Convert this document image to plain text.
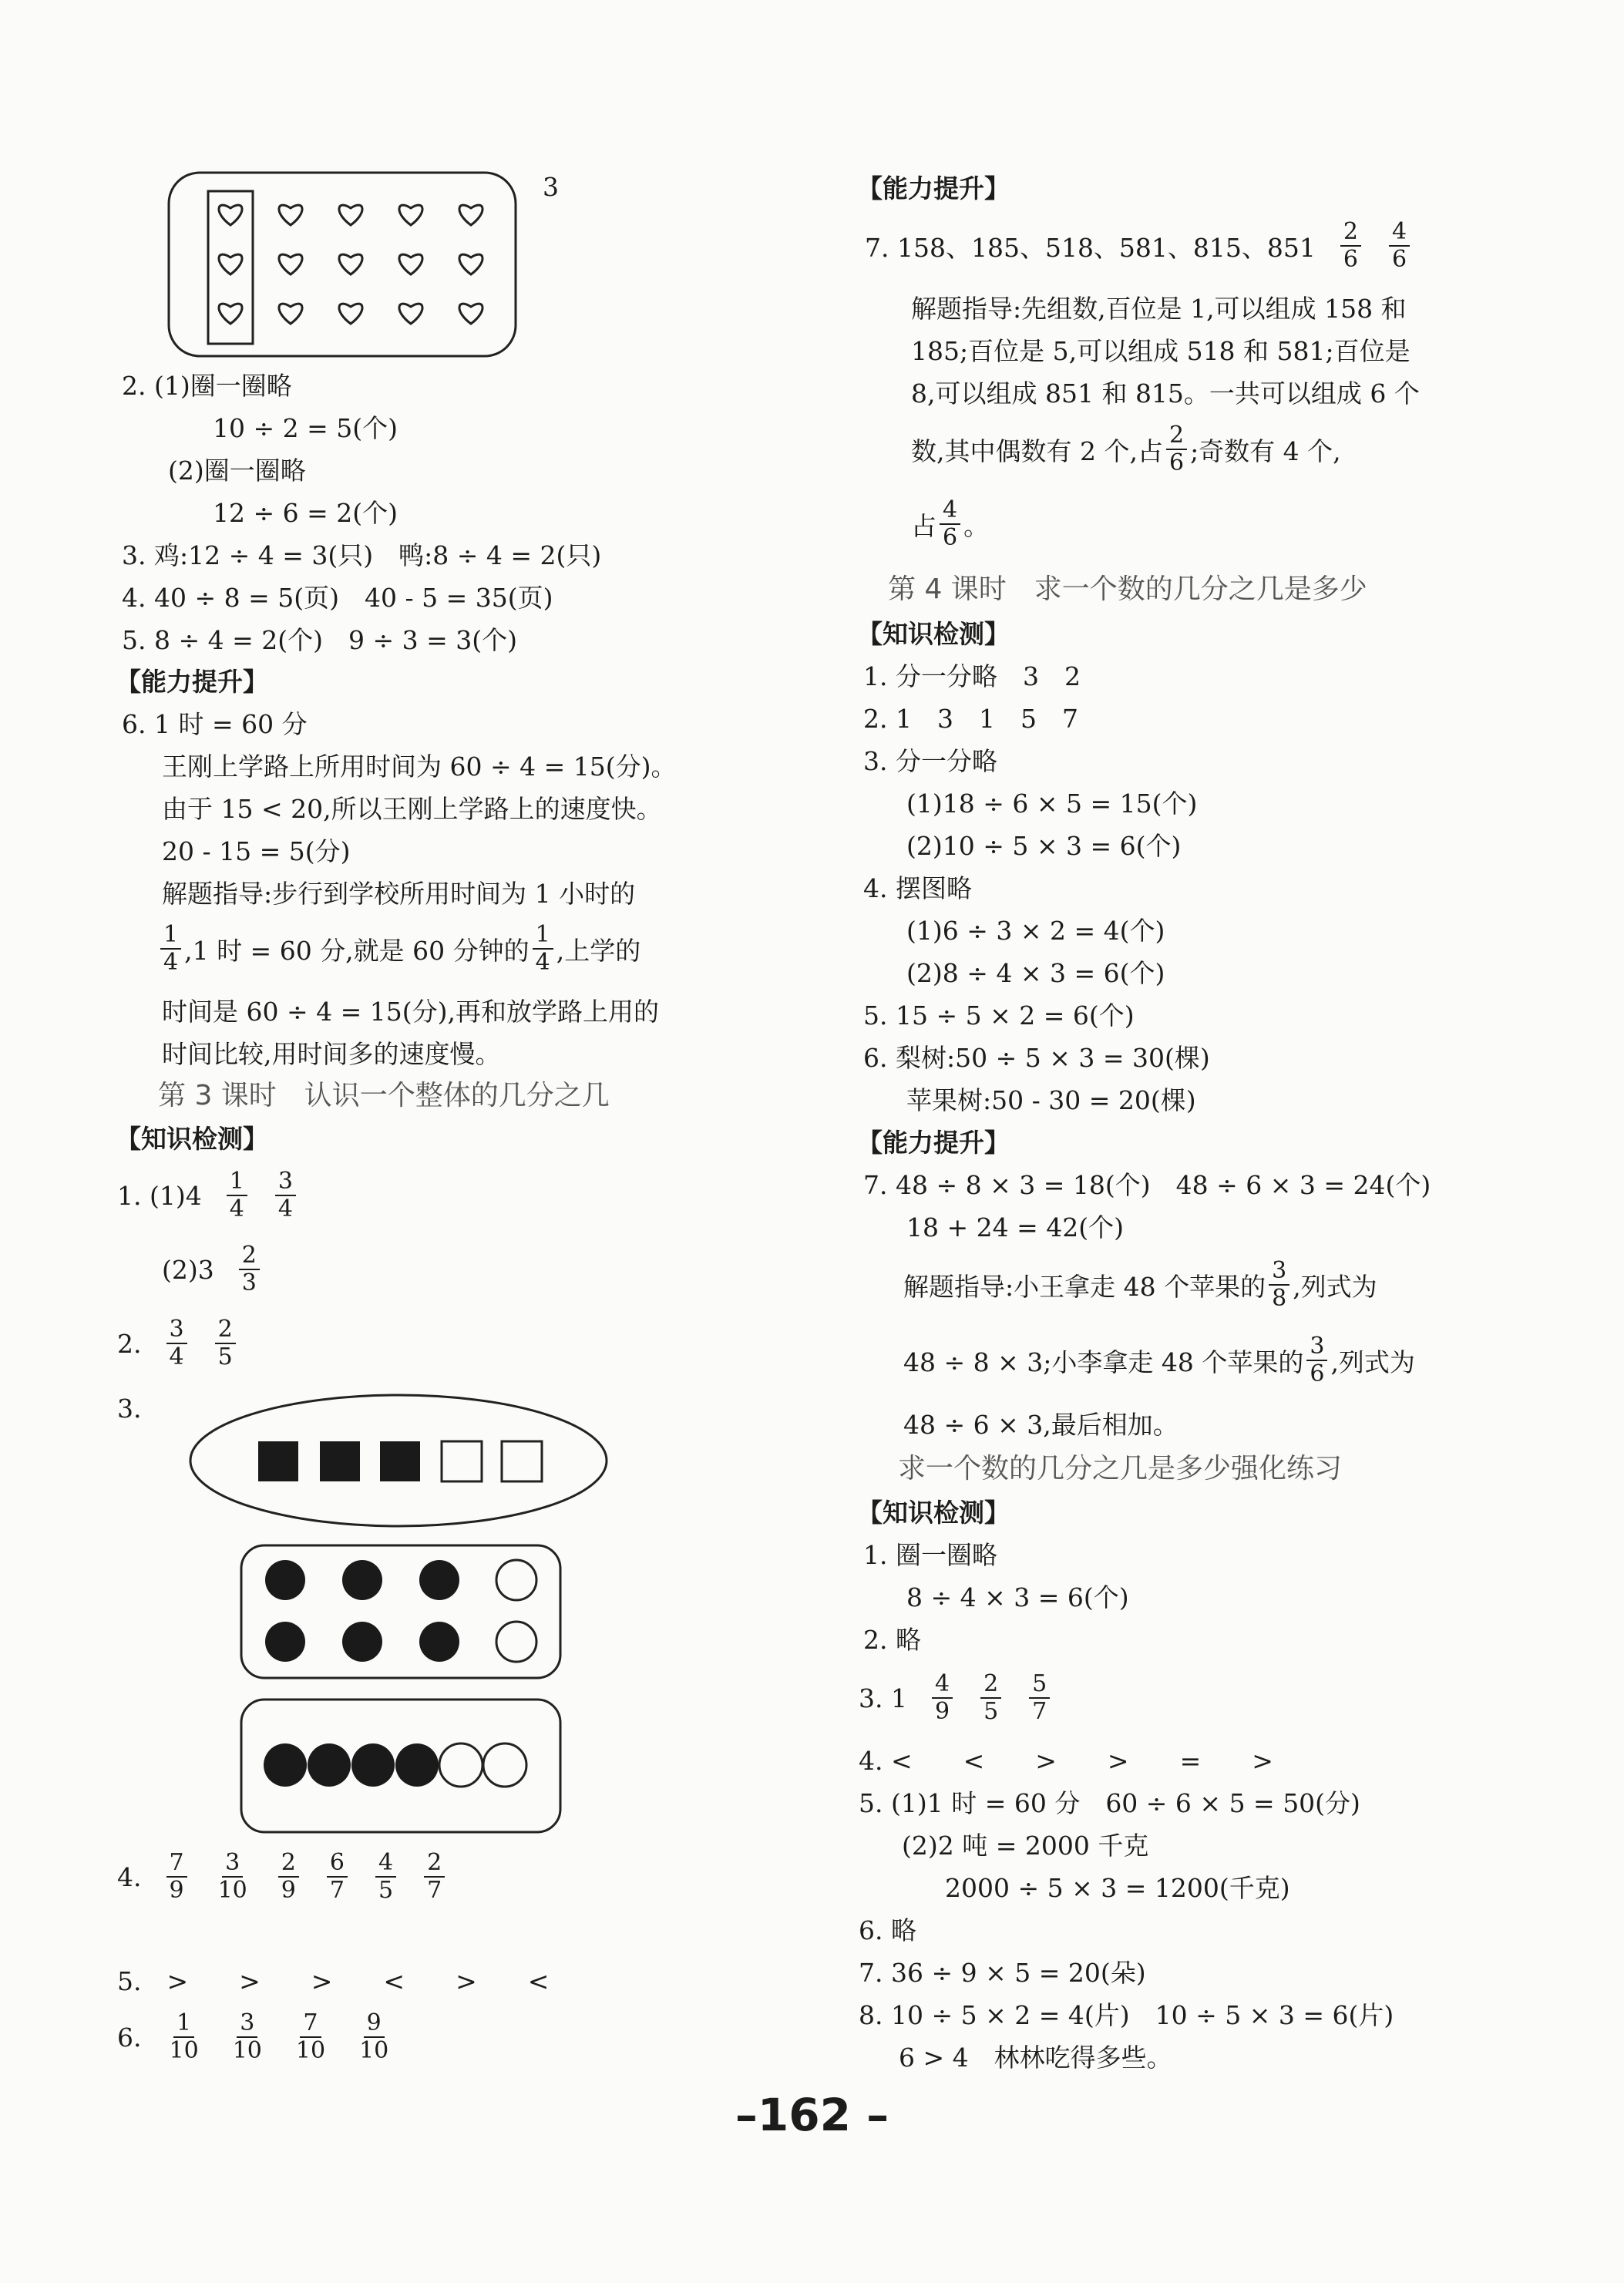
3
2. (1)圈一圈略
10 ÷ 2 = 5(个)
(2)圈一圈略
12 ÷ 6 = 2(个)
3. 鸡:12 ÷ 4 = 3(只)　鸭:8 ÷ 4 = 2(只)
4. 40 ÷ 8 = 5(页)　40 - 5 = 35(页)
5. 8 ÷ 4 = 2(个)　9 ÷ 3 = 3(个)
【能力提升】
6. 1 时 = 60 分
王刚上学路上所用时间为 60 ÷ 4 = 15(分)。
由于 15 < 20,所以王刚上学路上的速度快。
20 - 15 = 5(分)
解题指导:步行到学校所用时间为 1 小时的
$\frac{1}{4} ,1$ 时 = 60 分,就是 60 分钟的 $\frac{1}{4}$ ,上学的
时间是 60 ÷ 4 = 15(分),再和放学路上用的
时间比较,用时间多的速度慢。
第 3 课时　认识一个整体的几分之几
【知识检测】
1. $(1)4 \frac{1}{4} \frac{3}{4}$
$(2)3 \frac{2}{3}$
2. $\frac{3}{4} \frac{2}{5}$
3.
4. $\frac{7}{9} \frac{3}{10} \frac{2}{9} \frac{6}{7} \frac{4}{5} \frac{2}{7}$
5.　>　　>　　>　　<　　>　　<
6. $\frac{1}{10} \frac{3}{10} \frac{7}{10} \frac{9}{10}$
【能力提升】
7. 158、185、518、581、815、$851 \frac{2}{6} \frac{4}{6}$
解题指导:先组数,百位是 1,可以组成 158 和
185;百位是 5,可以组成 518 和 581;百位是
8,可以组成 851 和 815。一共可以组成 6 个
数,其中偶数有 2 个,占 $\frac{2}{6}$ ;奇数有 4 个,
占 $\frac{4}{6}$ 。
第 4 课时　求一个数的几分之几是多少
【知识检测】
1. 分一分略　3　2
2. 1　3　1　5　7
3. 分一分略
(1)18 ÷ 6 × 5 = 15(个)
(2)10 ÷ 5 × 3 = 6(个)
4. 摆图略
(1)6 ÷ 3 × 2 = 4(个)
(2)8 ÷ 4 × 3 = 6(个)
5. 15 ÷ 5 × 2 = 6(个)
6. 梨树:50 ÷ 5 × 3 = 30(棵)
苹果树:50 - 30 = 20(棵)
【能力提升】
7. 48 ÷ 8 × 3 = 18(个)　48 ÷ 6 × 3 = 24(个)
18 + 24 = 42(个)
解题指导:小王拿走 48 个苹果的 $\frac{3}{8}$ ,列式为
48 ÷ 8 × 3;小李拿走 48 个苹果的 $\frac{3}{6}$ ,列式为
48 ÷ 6 × 3,最后相加。
求一个数的几分之几是多少强化练习
【知识检测】
1. 圈一圈略
8 ÷ 4 × 3 = 6(个)
2. 略
3. $1 \frac{4}{9} \frac{2}{5} \frac{5}{7}$
4. <　　<　　>　　>　　=　　>
5. (1)1 时 = 60 分　60 ÷ 6 × 5 = 50(分)
(2)2 吨 = 2000 千克
2000 ÷ 5 × 3 = 1200(千克)
6. 略
7. 36 ÷ 9 × 5 = 20(朵)
8. 10 ÷ 5 × 2 = 4(片)　10 ÷ 5 × 3 = 6(片)
6 > 4　林林吃得多些。
–162 –
